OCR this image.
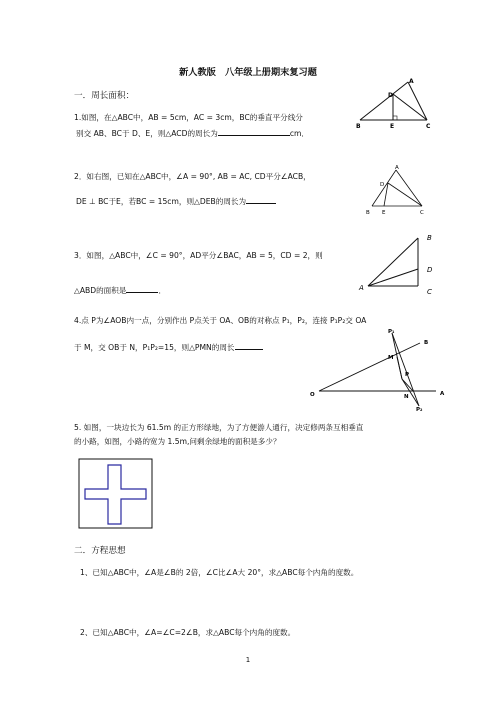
新人教版　八年级上册期末复习题
一．周长面积：
1.如图，在△ABC中，AB = 5cm，AC = 3cm，BC的垂直平分线分
别交 AB、BC于 D、E，则△ACD的周长为	cm．
A
D
B	E	C
2．如右图，已知在△ABC中，∠A = 90°, AB = AC, CD平分∠ACB，
DE ⊥ BC于E，若BC = 15cm，则△DEB的周长为
A
D
B E	C
3．如图，△ABC中，∠C = 90°，AD平分∠BAC，AB = 5，CD = 2，则
△ABD的面积是	．
B
D
A	C
4.点 P为∠AOB内一点，分别作出 P点关于 OA、OB的对称点 P₁，P₂，连接 P₁P₂交 OA
于 M，交 OB于 N，P₁P₂=15，则△PMN的周长
P₁
B
M
P
O	N	A
P₂
5. 如图，一块边长为 61.5m 的正方形绿地，为了方便游人通行，决定修两条互相垂直
的小路，如图，小路的宽为 1.5m,问剩余绿地的面积是多少？
二．方程思想
1、已知△ABC中，∠A是∠B的 2倍，∠C比∠A大 20°，求△ABC每个内角的度数。
2、已知△ABC中，∠A=∠C=2∠B，求△ABC每个内角的度数。
1
